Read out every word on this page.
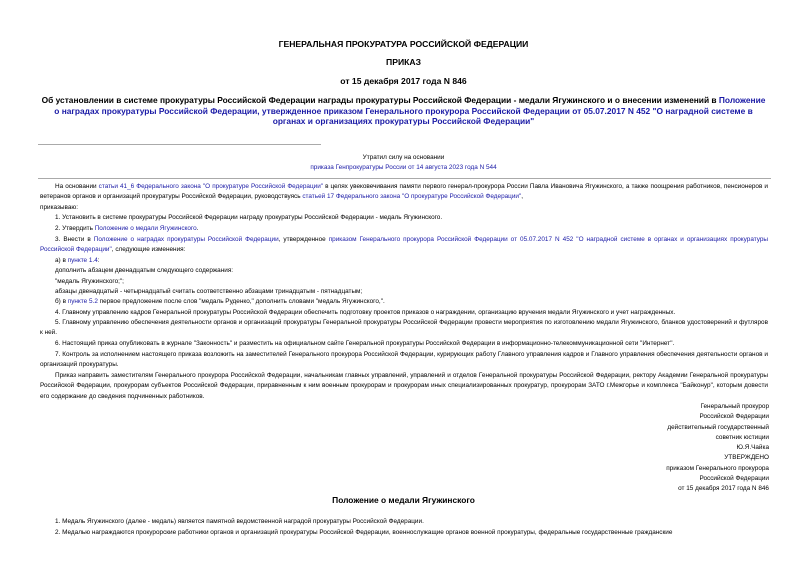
ГЕНЕРАЛЬНАЯ ПРОКУРАТУРА РОССИЙСКОЙ ФЕДЕРАЦИИ
ПРИКАЗ
от 15 декабря 2017 года N 846
Об установлении в системе прокуратуры Российской Федерации награды прокуратуры Российской Федерации - медали Ягужинского и о внесении изменений в Положение о наградах прокуратуры Российской Федерации, утвержденное приказом Генерального прокурора Российской Федерации от 05.07.2017 N 452 "О наградной системе в органах и организациях прокуратуры Российской Федерации"
Утратил силу на основании
приказа Генпрокуратуры России от 14 августа 2023 года N 544
На основании статьи 41_6 Федерального закона "О прокуратуре Российской Федерации" в целях увековечивания памяти первого генерал-прокурора России Павла Ивановича Ягужинского, а также поощрения работников, пенсионеров и ветеранов органов и организаций прокуратуры Российской Федерации, руководствуясь статьей 17 Федерального закона "О прокуратуре Российской Федерации",
приказываю:
1. Установить в системе прокуратуры Российской Федерации награду прокуратуры Российской Федерации - медаль Ягужинского.
2. Утвердить Положение о медали Ягужинского.
3. Внести в Положение о наградах прокуратуры Российской Федерации, утвержденное приказом Генерального прокурора Российской Федерации от 05.07.2017 N 452 "О наградной системе в органах и организациях прокуратуры Российской Федерации", следующие изменения:
а) в пункте 1.4:
дополнить абзацем двенадцатым следующего содержания:
"медаль Ягужинского;";
абзацы двенадцатый - четырнадцатый считать соответственно абзацами тринадцатым - пятнадцатым;
б) в пункте 5.2 первое предложение после слов "медаль Руденко," дополнить словами "медаль Ягужинского,".
4. Главному управлению кадров Генеральной прокуратуры Российской Федерации обеспечить подготовку проектов приказов о награждении, организацию вручения медали Ягужинского и учет награжденных.
5. Главному управлению обеспечения деятельности органов и организаций прокуратуры Генеральной прокуратуры Российской Федерации провести мероприятия по изготовлению медали Ягужинского, бланков удостоверений и футляров к ней.
6. Настоящий приказ опубликовать в журнале "Законность" и разместить на официальном сайте Генеральной прокуратуры Российской Федерации в информационно-телекоммуникационной сети "Интернет".
7. Контроль за исполнением настоящего приказа возложить на заместителей Генерального прокурора Российской Федерации, курирующих работу Главного управления кадров и Главного управления обеспечения деятельности органов и организаций прокуратуры.
Приказ направить заместителям Генерального прокурора Российской Федерации, начальникам главных управлений, управлений и отделов Генеральной прокуратуры Российской Федерации, ректору Академии Генеральной прокуратуры Российской Федерации, прокурорам субъектов Российской Федерации, приравненным к ним военным прокурорам и прокурорам иных специализированных прокуратур, прокурорам ЗАТО г.Межгорье и комплекса "Байконур", которым довести его содержание до сведения подчиненных работников.
Генеральный прокурор
Российской Федерации
действительный государственный
советник юстиции
Ю.Я.Чайка
УТВЕРЖДЕНО
приказом Генерального прокурора
Российской Федерации
от 15 декабря 2017 года N 846
Положение о медали Ягужинского
1. Медаль Ягужинского (далее - медаль) является памятной ведомственной наградой прокуратуры Российской Федерации.
2. Медалью награждаются прокурорские работники органов и организаций прокуратуры Российской Федерации, военнослужащие органов военной прокуратуры, федеральные государственные гражданские
